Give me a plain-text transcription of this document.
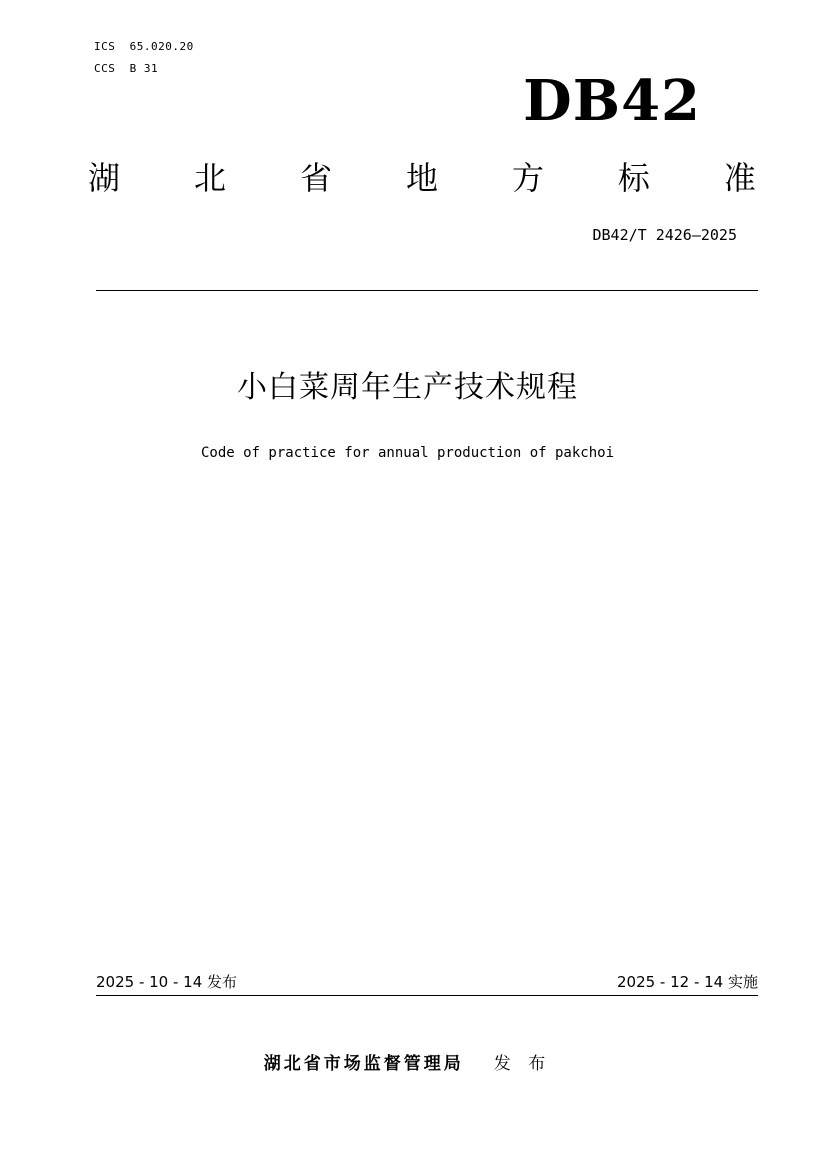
ICS  65.020.20
CCS  B 31	DB42
湖 北 省 地 方 标 准
DB42/T 2426—2025
小白菜周年生产技术规程
Code of practice for annual production of pakchoi
2025 - 10 - 14 发布	2025 - 12 - 14 实施
湖北省市场监督管理局 发 布
